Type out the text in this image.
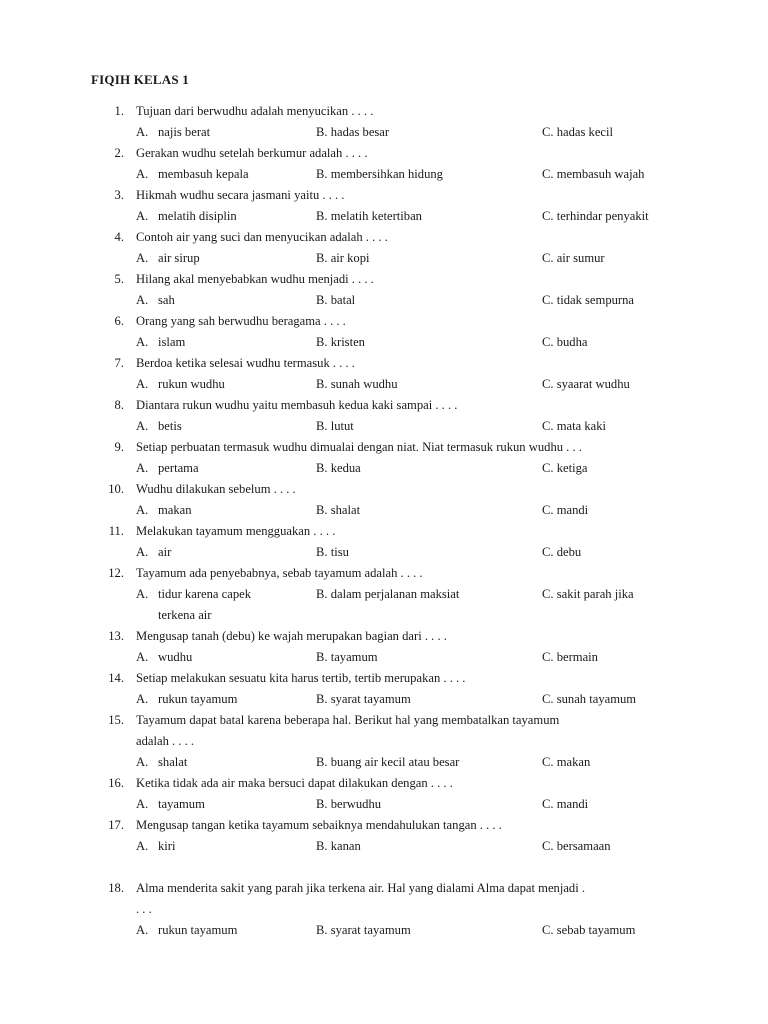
FIQIH KELAS 1
1. Tujuan dari berwudhu adalah menyucikan . . . .
A. najis berat	B. hadas besar	C. hadas kecil
2. Gerakan wudhu setelah berkumur adalah . . . .
A. membasuh kepala	B. membersihkan hidung	C. membasuh wajah
3. Hikmah wudhu secara jasmani yaitu . . . .
A. melatih disiplin	B. melatih ketertiban	C. terhindar penyakit
4. Contoh air yang suci dan menyucikan adalah . . . .
A. air sirup	B. air kopi	C. air sumur
5. Hilang akal menyebabkan wudhu menjadi . . . .
A. sah	B. batal	C. tidak sempurna
6. Orang yang sah berwudhu beragama . . . .
A. islam	B. kristen	C. budha
7. Berdoa ketika selesai wudhu termasuk . . . .
A. rukun wudhu	B. sunah wudhu	C. syaarat wudhu
8. Diantara rukun wudhu yaitu membasuh kedua kaki sampai . . . .
A. betis	B. lutut	C. mata kaki
9. Setiap perbuatan termasuk wudhu dimualai dengan niat. Niat termasuk rukun wudhu . . .
A. pertama	B. kedua	C. ketiga
10. Wudhu dilakukan sebelum . . . .
A. makan	B. shalat	C. mandi
11. Melakukan tayamum mengguakan . . . .
A. air	B. tisu	C. debu
12. Tayamum ada penyebabnya, sebab tayamum adalah . . . .
A. tidur karena capek	B. dalam perjalanan maksiat	C. sakit parah jika
terkena air
13. Mengusap tanah (debu) ke wajah merupakan bagian dari . . . .
A. wudhu	B. tayamum	C. bermain
14. Setiap melakukan sesuatu kita harus tertib, tertib merupakan . . . .
A. rukun tayamum	B. syarat tayamum	C. sunah tayamum
15. Tayamum dapat batal karena beberapa hal. Berikut hal yang membatalkan tayamum
adalah . . . .
A. shalat	B. buang air kecil atau besar	C. makan
16. Ketika tidak ada air maka bersuci dapat dilakukan dengan . . . .
A. tayamum	B. berwudhu	C. mandi
17. Mengusap tangan ketika tayamum sebaiknya mendahulukan tangan . . . .
A. kiri	B. kanan	C. bersamaan
18. Alma menderita sakit yang parah jika terkena air. Hal yang dialami Alma dapat menjadi .
. . .
A. rukun tayamum	B. syarat tayamum	C. sebab tayamum
